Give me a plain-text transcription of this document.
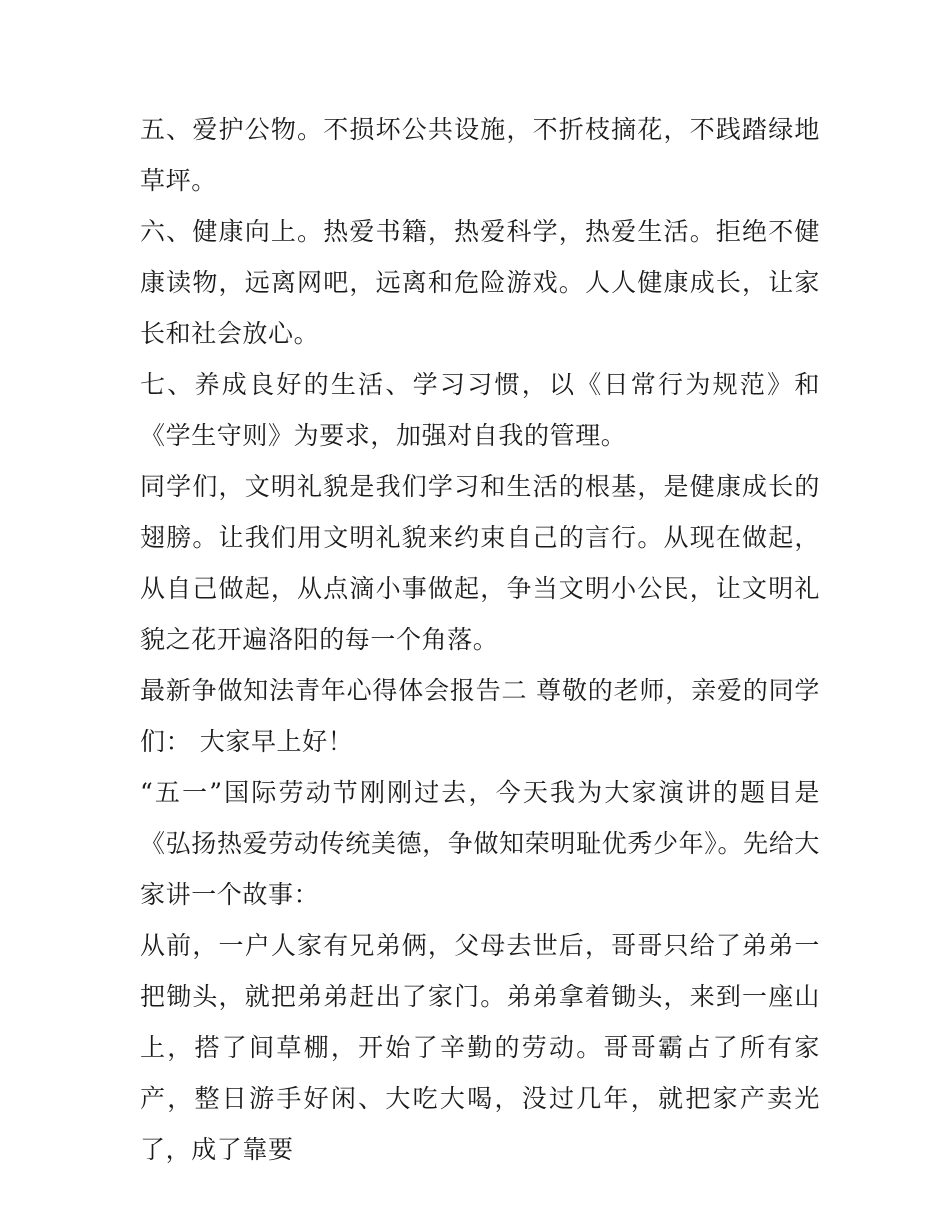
五、爱护公物。不损坏公共设施，不折枝摘花，不践踏绿地草坪。

六、健康向上。热爱书籍，热爱科学，热爱生活。拒绝不健康读物，远离网吧，远离和危险游戏。人人健康成长，让家长和社会放心。

七、养成良好的生活、学习习惯，以《日常行为规范》和《学生守则》为要求，加强对自我的管理。

同学们，文明礼貌是我们学习和生活的根基，是健康成长的翅膀。让我们用文明礼貌来约束自己的言行。从现在做起，从自己做起，从点滴小事做起，争当文明小公民，让文明礼貌之花开遍洛阳的每一个角落。

最新争做知法青年心得体会报告二 尊敬的老师，亲爱的同学们： 大家早上好！

“五一”国际劳动节刚刚过去，今天我为大家演讲的题目是《弘扬热爱劳动传统美德，争做知荣明耻优秀少年》。先给大家讲一个故事：

从前，一户人家有兄弟俩，父母去世后，哥哥只给了弟弟一把锄头，就把弟弟赶出了家门。弟弟拿着锄头，来到一座山上，搭了间草棚，开始了辛勤的劳动。哥哥霸占了所有家产，整日游手好闲、大吃大喝，没过几年，就把家产卖光了，成了靠要
